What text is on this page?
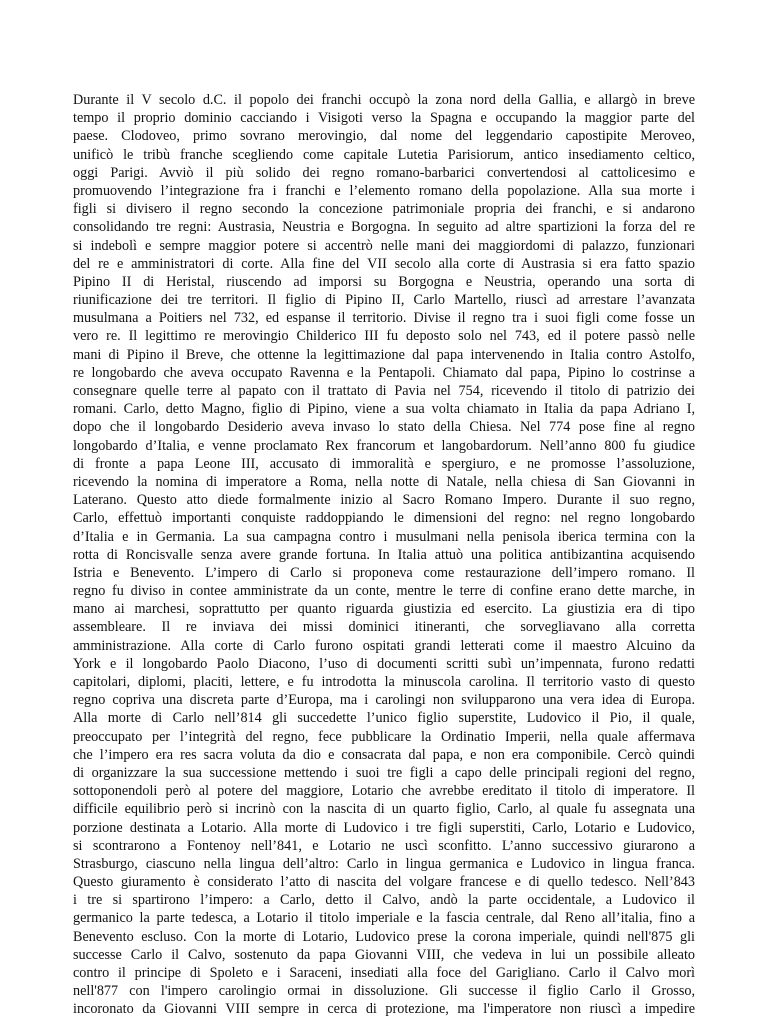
Durante il V secolo d.C. il popolo dei franchi occupò la zona nord della Gallia, e allargò in breve
tempo il proprio dominio cacciando i Visigoti verso la Spagna e occupando la maggior parte del
paese. Clodoveo, primo sovrano merovingio, dal nome del leggendario capostipite Meroveo,
unificò le tribù franche scegliendo come capitale Lutetia Parisiorum, antico insediamento celtico,
oggi Parigi. Avviò il più solido dei regno romano-barbarici convertendosi al cattolicesimo e
promuovendo l’integrazione fra i franchi e l’elemento romano della popolazione. Alla sua morte i
figli si divisero il regno secondo la concezione patrimoniale propria dei franchi, e si andarono
consolidando tre regni: Austrasia, Neustria e Borgogna. In seguito ad altre spartizioni la forza del re
si indebolì e sempre maggior potere si accentrò nelle mani dei maggiordomi di palazzo, funzionari
del re e amministratori di corte. Alla fine del VII secolo alla corte di Austrasia si era fatto spazio
Pipino II di Heristal, riuscendo ad imporsi su Borgogna e Neustria, operando una sorta di
riunificazione dei tre territori. Il figlio di Pipino II, Carlo Martello, riuscì ad arrestare l’avanzata
musulmana a Poitiers nel 732, ed espanse il territorio. Divise il regno tra i suoi figli come fosse un
vero re. Il legittimo re merovingio Childerico III fu deposto solo nel 743, ed il potere passò nelle
mani di Pipino il Breve, che ottenne la legittimazione dal papa intervenendo in Italia contro Astolfo,
re longobardo che aveva occupato Ravenna e la Pentapoli. Chiamato dal papa, Pipino lo costrinse a
consegnare quelle terre al papato con il trattato di Pavia nel 754, ricevendo il titolo di patrizio dei
romani. Carlo, detto Magno, figlio di Pipino, viene a sua volta chiamato in Italia da papa Adriano I,
dopo che il longobardo Desiderio aveva invaso lo stato della Chiesa. Nel 774 pose fine al regno
longobardo d’Italia, e venne proclamato Rex francorum et langobardorum. Nell’anno 800 fu giudice
di fronte a papa Leone III, accusato di immoralità e spergiuro, e ne promosse l’assoluzione,
ricevendo la nomina di imperatore a Roma, nella notte di Natale, nella chiesa di San Giovanni in
Laterano. Questo atto diede formalmente inizio al Sacro Romano Impero. Durante il suo regno,
Carlo, effettuò importanti conquiste raddoppiando le dimensioni del regno: nel regno longobardo
d’Italia e in Germania. La sua campagna contro i musulmani nella penisola iberica termina con la
rotta di Roncisvalle senza avere grande fortuna. In Italia attuò una politica antibizantina acquisendo
Istria e Benevento. L’impero di Carlo si proponeva come restaurazione dell’impero romano. Il
regno fu diviso in contee amministrate da un conte, mentre le terre di confine erano dette marche, in
mano ai marchesi, soprattutto per quanto riguarda giustizia ed esercito. La giustizia era di tipo
assembleare. Il re inviava dei missi dominici itineranti, che sorvegliavano alla corretta
amministrazione. Alla corte di Carlo furono ospitati grandi letterati come il maestro Alcuino da
York e il longobardo Paolo Diacono, l’uso di documenti scritti subì un’impennata, furono redatti
capitolari, diplomi, placiti, lettere, e fu introdotta la minuscola carolina. Il territorio vasto di questo
regno copriva una discreta parte d’Europa, ma i carolingi non svilupparono una vera idea di Europa.
Alla morte di Carlo nell’814 gli succedette l’unico figlio superstite, Ludovico il Pio, il quale,
preoccupato per l’integrità del regno, fece pubblicare la Ordinatio Imperii, nella quale affermava
che l’impero era res sacra voluta da dio e consacrata dal papa, e non era componibile. Cercò quindi
di organizzare la sua successione mettendo i suoi tre figli a capo delle principali regioni del regno,
sottoponendoli però al potere del maggiore, Lotario che avrebbe ereditato il titolo di imperatore. Il
difficile equilibrio però si incrinò con la nascita di un quarto figlio, Carlo, al quale fu assegnata una
porzione destinata a Lotario. Alla morte di Ludovico i tre figli superstiti, Carlo, Lotario e Ludovico,
si scontrarono a Fontenoy nell’841, e Lotario ne uscì sconfitto. L’anno successivo giurarono a
Strasburgo, ciascuno nella lingua dell’altro: Carlo in lingua germanica e Ludovico in lingua franca.
Questo giuramento è considerato l’atto di nascita del volgare francese e di quello tedesco. Nell’843
i tre si spartirono l’impero: a Carlo, detto il Calvo, andò la parte occidentale, a Ludovico il
germanico la parte tedesca, a Lotario il titolo imperiale e la fascia centrale, dal Reno all’italia, fino a
Benevento escluso. Con la morte di Lotario, Ludovico prese la corona imperiale, quindi nell'875 gli
successe Carlo il Calvo, sostenuto da papa Giovanni VIII, che vedeva in lui un possibile alleato
contro il principe di Spoleto e i Saraceni, insediati alla foce del Garigliano. Carlo il Calvo morì
nell'877 con l'impero carolingio ormai in dissoluzione. Gli successe il figlio Carlo il Grosso,
incoronato da Giovanni VIII sempre in cerca di protezione, ma l'imperatore non riuscì a impedire
